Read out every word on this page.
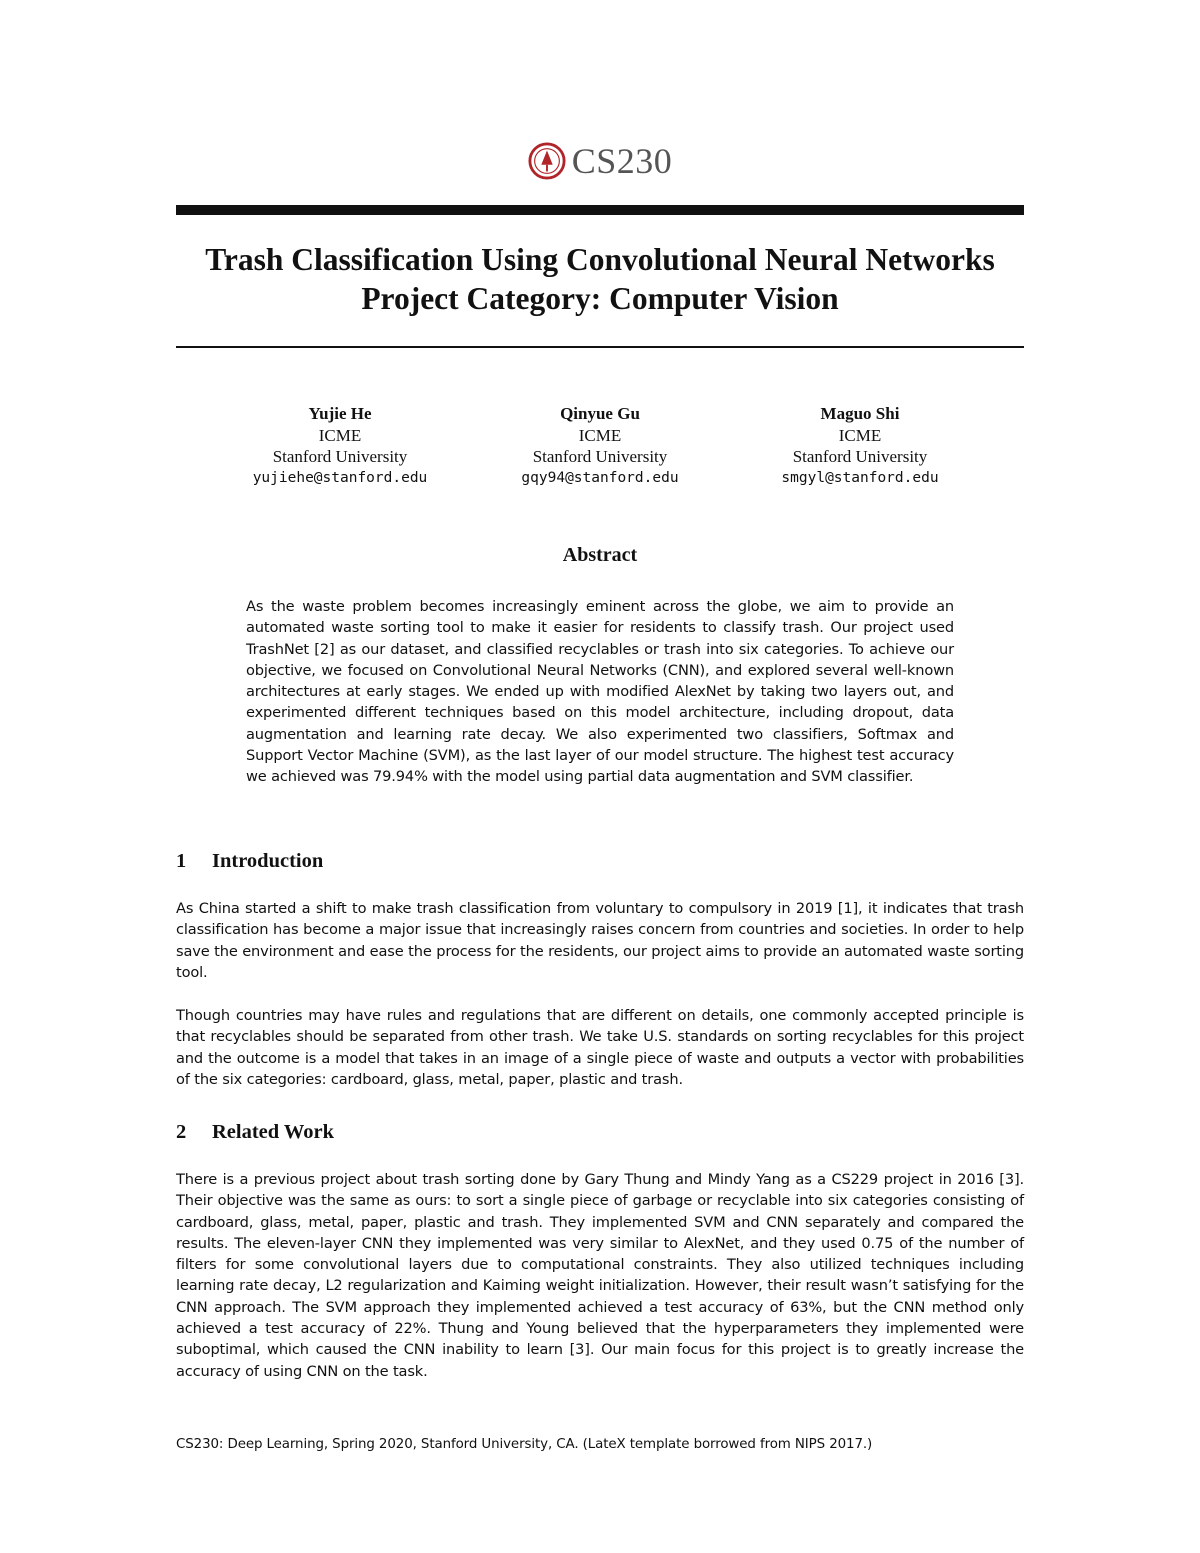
CS230
Trash Classification Using Convolutional Neural Networks
Project Category: Computer Vision
Yujie He
ICME
Stanford University
yujiehe@stanford.edu
Qinyue Gu
ICME
Stanford University
gqy94@stanford.edu
Maguo Shi
ICME
Stanford University
smgyl@stanford.edu
Abstract

As the waste problem becomes increasingly eminent across the globe, we aim to provide an automated waste sorting tool to make it easier for residents to classify trash. Our project used TrashNet [2] as our dataset, and classified recyclables or trash into six categories. To achieve our objective, we focused on Convolutional Neural Networks (CNN), and explored several well-known architectures at early stages. We ended up with modified AlexNet by taking two layers out, and experimented different techniques based on this model architecture, including dropout, data augmentation and learning rate decay. We also experimented two classifiers, Softmax and Support Vector Machine (SVM), as the last layer of our model structure. The highest test accuracy we achieved was 79.94% with the model using partial data augmentation and SVM classifier.

1 Introduction

As China started a shift to make trash classification from voluntary to compulsory in 2019 [1], it indicates that trash classification has become a major issue that increasingly raises concern from countries and societies. In order to help save the environment and ease the process for the residents, our project aims to provide an automated waste sorting tool.

Though countries may have rules and regulations that are different on details, one commonly accepted principle is that recyclables should be separated from other trash. We take U.S. standards on sorting recyclables for this project and the outcome is a model that takes in an image of a single piece of waste and outputs a vector with probabilities of the six categories: cardboard, glass, metal, paper, plastic and trash.

2 Related Work

There is a previous project about trash sorting done by Gary Thung and Mindy Yang as a CS229 project in 2016 [3]. Their objective was the same as ours: to sort a single piece of garbage or recyclable into six categories consisting of cardboard, glass, metal, paper, plastic and trash. They implemented SVM and CNN separately and compared the results. The eleven-layer CNN they implemented was very similar to AlexNet, and they used 0.75 of the number of filters for some convolutional layers due to computational constraints. They also utilized techniques including learning rate decay, L2 regularization and Kaiming weight initialization. However, their result wasn’t satisfying for the CNN approach. The SVM approach they implemented achieved a test accuracy of 63%, but the CNN method only achieved a test accuracy of 22%. Thung and Young believed that the hyperparameters they implemented were suboptimal, which caused the CNN inability to learn [3]. Our main focus for this project is to greatly increase the accuracy of using CNN on the task.

CS230: Deep Learning, Spring 2020, Stanford University, CA. (LateX template borrowed from NIPS 2017.)
